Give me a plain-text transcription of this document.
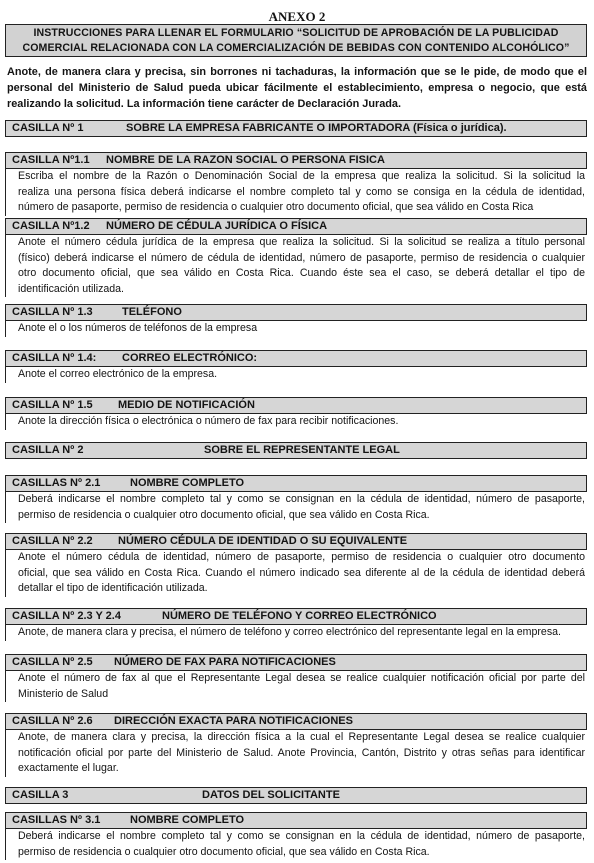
ANEXO 2
INSTRUCCIONES PARA LLENAR EL FORMULARIO “SOLICITUD DE APROBACIÓN DE LA PUBLICIDAD
COMERCIAL RELACIONADA CON LA COMERCIALIZACIÓN DE BEBIDAS CON CONTENIDO ALCOHÓLICO”
Anote, de manera clara y precisa, sin borrones ni tachaduras, la información que se le pide, de modo que el
personal del Ministerio de Salud pueda ubicar fácilmente el establecimiento, empresa o negocio, que está
realizando la solicitud. La información tiene carácter de Declaración Jurada.
CASILLA Nº 1	SOBRE LA EMPRESA FABRICANTE O IMPORTADORA (Física o jurídica).
CASILLA Nº1.1 NOMBRE DE LA RAZON SOCIAL O PERSONA FISICA
Escriba el nombre de la Razón o Denominación Social de la empresa que realiza la solicitud. Si la solicitud la
realiza una persona física deberá indicarse el nombre completo tal y como se consiga en la cédula de identidad,
número de pasaporte, permiso de residencia o cualquier otro documento oficial, que sea válido en Costa Rica
CASILLA Nº1.2 NÚMERO DE CÉDULA JURÍDICA O FÍSICA
Anote el número cédula jurídica de la empresa que realiza la solicitud. Si la solicitud se realiza a título personal
(físico) deberá indicarse el número de cédula de identidad, número de pasaporte, permiso de residencia o cualquier
otro documento oficial, que sea válido en Costa Rica. Cuando éste sea el caso, se deberá detallar el tipo de
identificación utilizada.
CASILLA Nº 1.3	TELÉFONO
Anote el o los números de teléfonos de la empresa
CASILLA Nº 1.4: CORREO ELECTRÓNICO:
Anote el correo electrónico de la empresa.
CASILLA Nº 1.5 MEDIO DE NOTIFICACIÓN
Anote la dirección física o electrónica o número de fax para recibir notificaciones.
CASILLA Nº 2	SOBRE EL REPRESENTANTE LEGAL
CASILLAS Nº 2.1	NOMBRE COMPLETO
Deberá indicarse el nombre completo tal y como se consignan en la cédula de identidad, número de pasaporte,
permiso de residencia o cualquier otro documento oficial, que sea válido en Costa Rica.
CASILLA Nº 2.2 NÚMERO CÉDULA DE IDENTIDAD O SU EQUIVALENTE
Anote el número cédula de identidad, número de pasaporte, permiso de residencia o cualquier otro documento
oficial, que sea válido en Costa Rica. Cuando el número indicado sea diferente al de la cédula de identidad deberá
detallar el tipo de identificación utilizada.
CASILLA Nº 2.3 Y 2.4	NÚMERO DE TELÉFONO Y CORREO ELECTRÓNICO
Anote, de manera clara y precisa, el número de teléfono y correo electrónico del representante legal en la empresa.
CASILLA Nº 2.5 NÚMERO DE FAX PARA NOTIFICACIONES
Anote el número de fax al que el Representante Legal desea se realice cualquier notificación oficial por parte del
Ministerio de Salud
CASILLA Nº 2.6 DIRECCIÓN EXACTA PARA NOTIFICACIONES
Anote, de manera clara y precisa, la dirección física a la cual el Representante Legal desea se realice cualquier
notificación oficial por parte del Ministerio de Salud. Anote Provincia, Cantón, Distrito y otras señas para identificar
exactamente el lugar.
CASILLA 3	DATOS DEL SOLICITANTE
CASILLAS Nº 3.1	NOMBRE COMPLETO
Deberá indicarse el nombre completo tal y como se consignan en la cédula de identidad, número de pasaporte,
permiso de residencia o cualquier otro documento oficial, que sea válido en Costa Rica.
